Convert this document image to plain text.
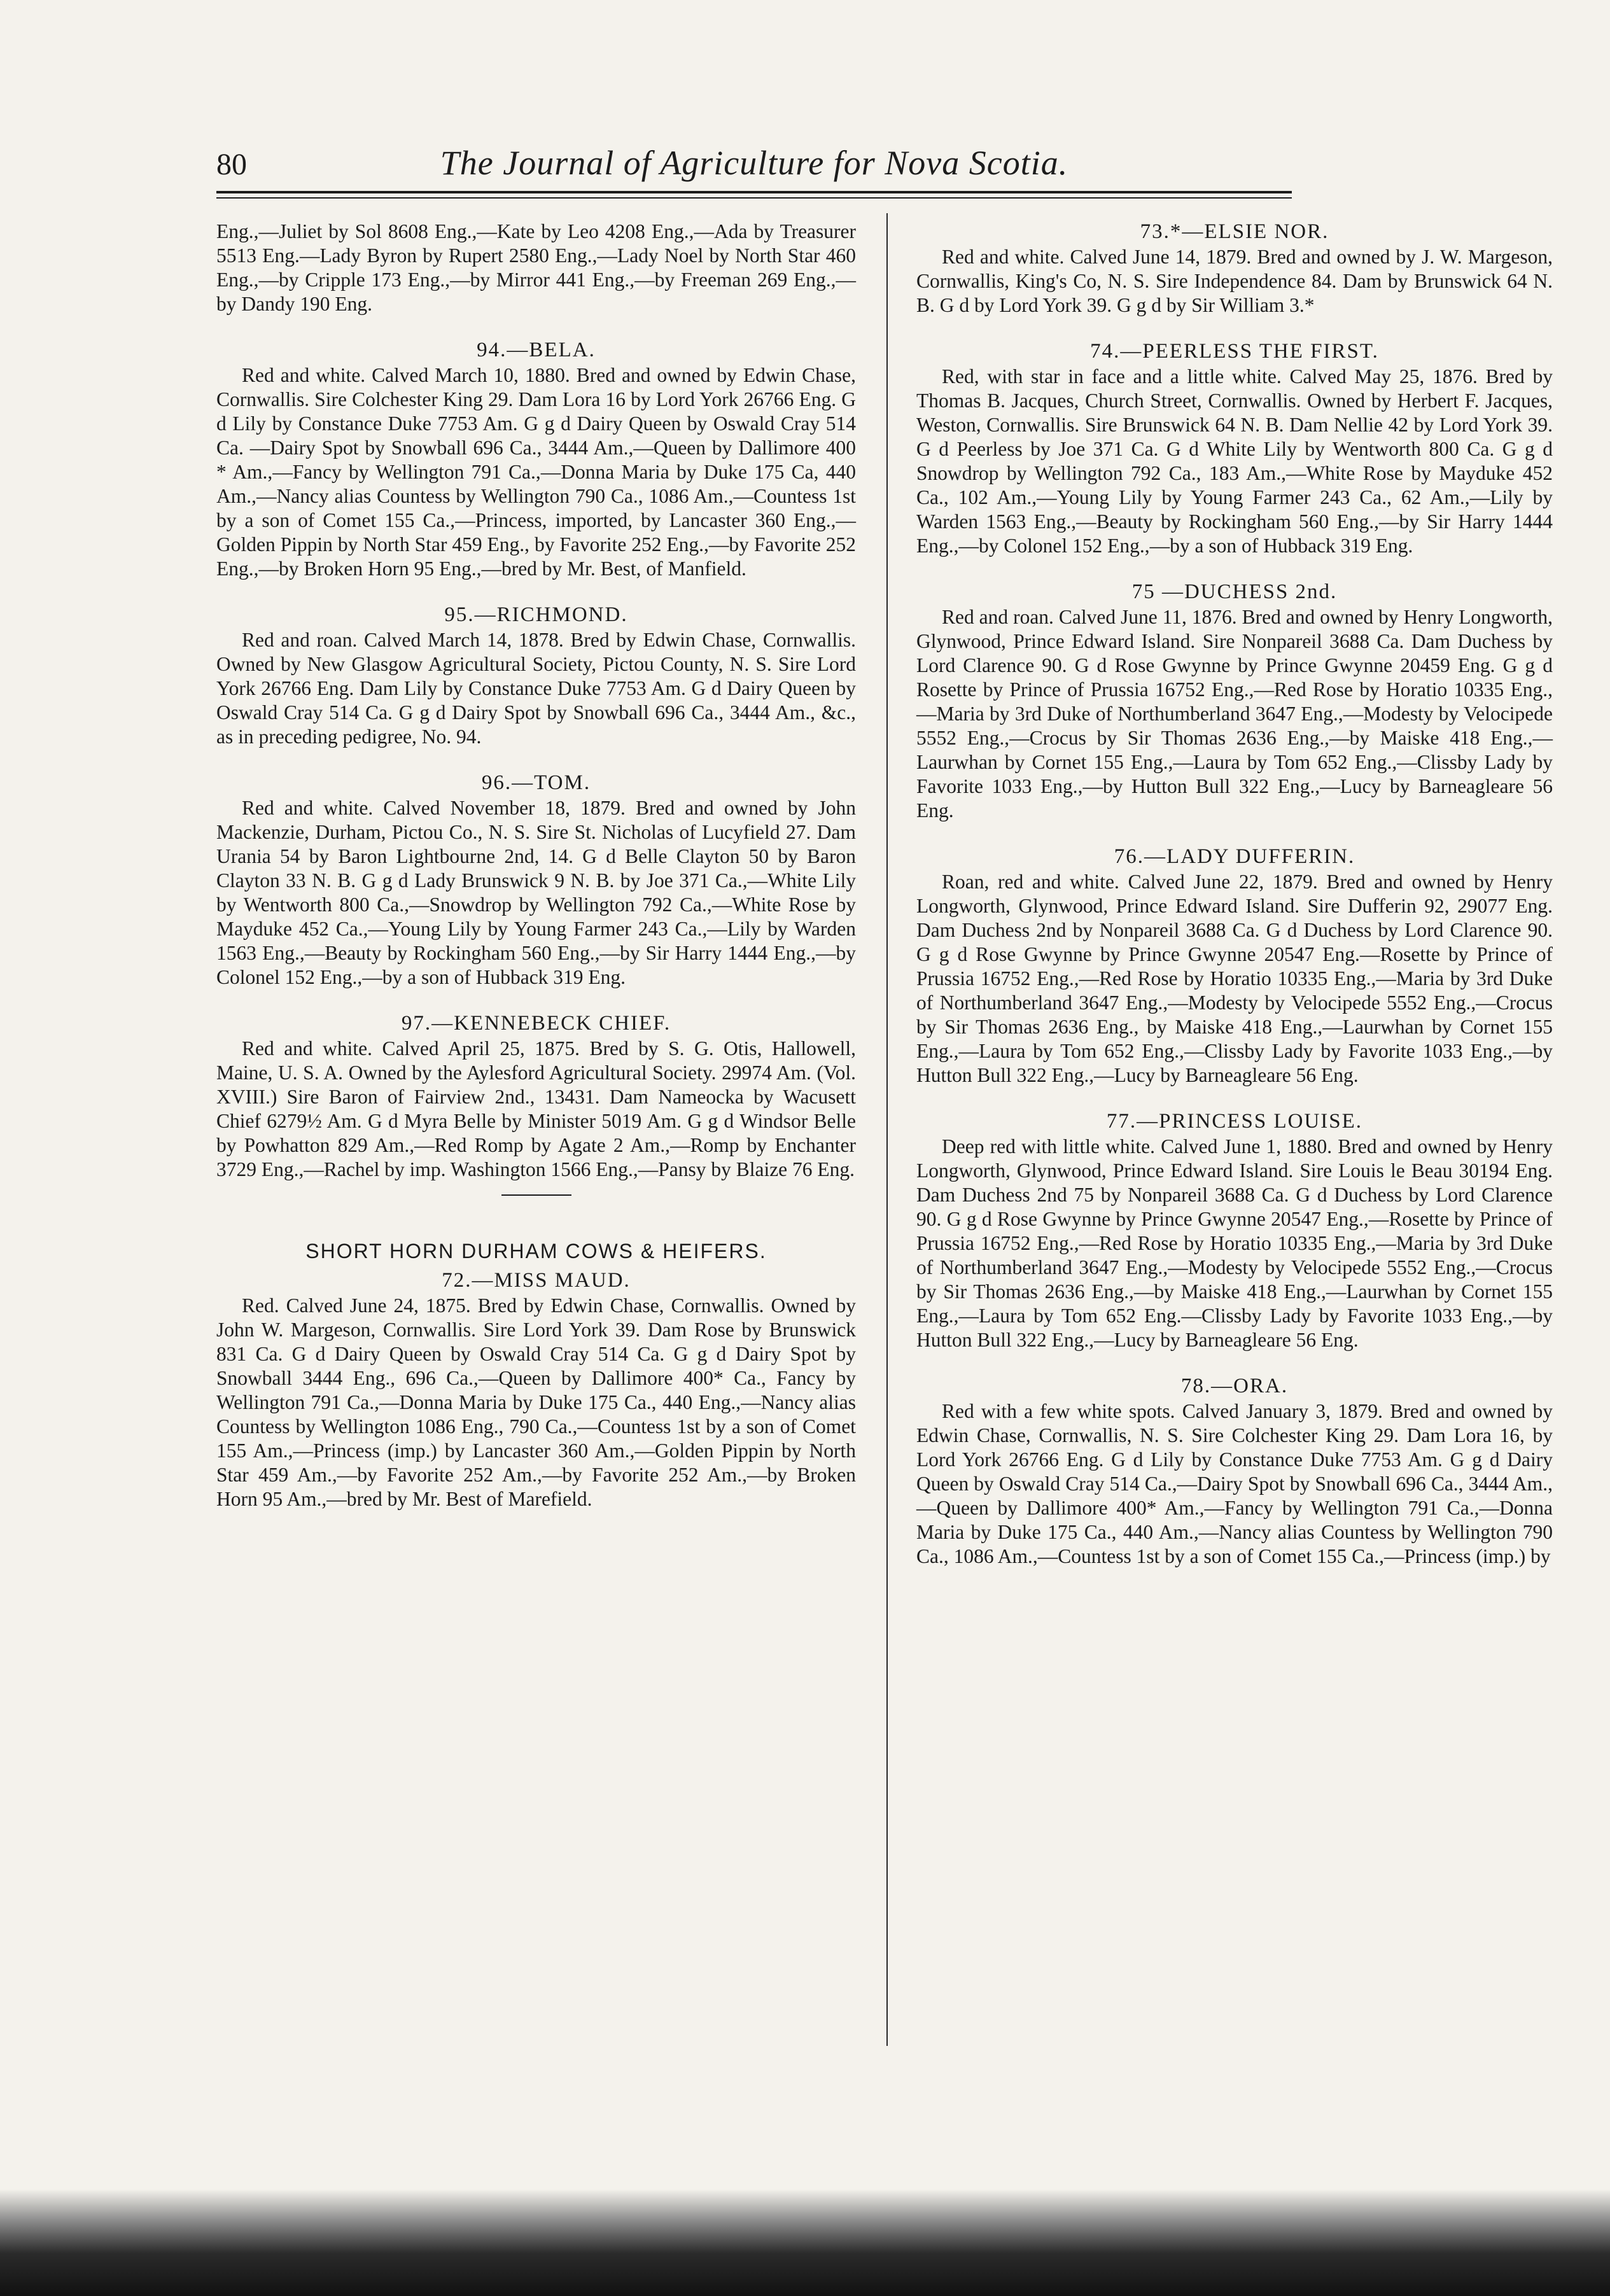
80	The Journal of Agriculture for Nova Scotia.

Eng.,—Juliet by Sol 8608 Eng.,—Kate by Leo 4208 Eng.,—Ada by Treasurer 5513 Eng.—Lady Byron by Rupert 2580 Eng.,—Lady Noel by North Star 460 Eng.,—by Cripple 173 Eng.,—by Mirror 441 Eng.,—by Freeman 269 Eng.,—by Dandy 190 Eng.

94.—BELA.

Red and white. Calved March 10, 1880. Bred and owned by Edwin Chase, Cornwallis. Sire Colchester King 29. Dam Lora 16 by Lord York 26766 Eng. G d Lily by Constance Duke 7753 Am. G g d Dairy Queen by Oswald Cray 514 Ca. —Dairy Spot by Snowball 696 Ca., 3444 Am.,—Queen by Dallimore 400 * Am.,—Fancy by Wellington 791 Ca.,—Donna Maria by Duke 175 Ca, 440 Am.,—Nancy alias Countess by Wellington 790 Ca., 1086 Am.,—Countess 1st by a son of Comet 155 Ca.,—Princess, imported, by Lancaster 360 Eng.,—Golden Pippin by North Star 459 Eng., by Favorite 252 Eng.,—by Favorite 252 Eng.,—by Broken Horn 95 Eng.,—bred by Mr. Best, of Manfield.

95.—RICHMOND.

Red and roan. Calved March 14, 1878. Bred by Edwin Chase, Cornwallis. Owned by New Glasgow Agricultural Society, Pictou County, N. S. Sire Lord York 26766 Eng. Dam Lily by Constance Duke 7753 Am. G d Dairy Queen by Oswald Cray 514 Ca. G g d Dairy Spot by Snowball 696 Ca., 3444 Am., &c., as in preceding pedigree, No. 94.

96.—TOM.

Red and white. Calved November 18, 1879. Bred and owned by John Mackenzie, Durham, Pictou Co., N. S. Sire St. Nicholas of Lucyfield 27. Dam Urania 54 by Baron Lightbourne 2nd, 14. G d Belle Clayton 50 by Baron Clayton 33 N. B. G g d Lady Brunswick 9 N. B. by Joe 371 Ca.,—White Lily by Wentworth 800 Ca.,—Snowdrop by Wellington 792 Ca.,—White Rose by Mayduke 452 Ca.,—Young Lily by Young Farmer 243 Ca.,—Lily by Warden 1563 Eng.,—Beauty by Rockingham 560 Eng.,—by Sir Harry 1444 Eng.,—by Colonel 152 Eng.,—by a son of Hubback 319 Eng.

97.—KENNEBECK CHIEF.

Red and white. Calved April 25, 1875. Bred by S. G. Otis, Hallowell, Maine, U. S. A. Owned by the Aylesford Agricultural Society. 29974 Am. (Vol. XVIII.) Sire Baron of Fairview 2nd., 13431. Dam Nameocka by Wacusett Chief 6279½ Am. G d Myra Belle by Minister 5019 Am. G g d Windsor Belle by Powhatton 829 Am.,—Red Romp by Agate 2 Am.,—Romp by Enchanter 3729 Eng.,—Rachel by imp. Washington 1566 Eng.,—Pansy by Blaize 76 Eng.

SHORT HORN DURHAM COWS & HEIFERS.

72.—MISS MAUD.

Red. Calved June 24, 1875. Bred by Edwin Chase, Cornwallis. Owned by John W. Margeson, Cornwallis. Sire Lord York 39. Dam Rose by Brunswick 831 Ca. G d Dairy Queen by Oswald Cray 514 Ca. G g d Dairy Spot by Snowball 3444 Eng., 696 Ca.,—Queen by Dallimore 400* Ca., Fancy by Wellington 791 Ca.,—Donna Maria by Duke 175 Ca., 440 Eng.,—Nancy alias Countess by Wellington 1086 Eng., 790 Ca.,—Countess 1st by a son of Comet 155 Am.,—Princess (imp.) by Lancaster 360 Am.,—Golden Pippin by North Star 459 Am.,—by Favorite 252 Am.,—by Favorite 252 Am.,—by Broken Horn 95 Am.,—bred by Mr. Best of Marefield.

73.*—ELSIE NOR.

Red and white. Calved June 14, 1879. Bred and owned by J. W. Margeson, Cornwallis, King's Co, N. S. Sire Independence 84. Dam by Brunswick 64 N. B. G d by Lord York 39. G g d by Sir William 3.*

74.—PEERLESS THE FIRST.

Red, with star in face and a little white. Calved May 25, 1876. Bred by Thomas B. Jacques, Church Street, Cornwallis. Owned by Herbert F. Jacques, Weston, Cornwallis. Sire Brunswick 64 N. B. Dam Nellie 42 by Lord York 39. G d Peerless by Joe 371 Ca. G d White Lily by Wentworth 800 Ca. G g d Snowdrop by Wellington 792 Ca., 183 Am.,—White Rose by Mayduke 452 Ca., 102 Am.,—Young Lily by Young Farmer 243 Ca., 62 Am.,—Lily by Warden 1563 Eng.,—Beauty by Rockingham 560 Eng.,—by Sir Harry 1444 Eng.,—by Colonel 152 Eng.,—by a son of Hubback 319 Eng.

75 —DUCHESS 2nd.

Red and roan. Calved June 11, 1876. Bred and owned by Henry Longworth, Glynwood, Prince Edward Island. Sire Nonpareil 3688 Ca. Dam Duchess by Lord Clarence 90. G d Rose Gwynne by Prince Gwynne 20459 Eng. G g d Rosette by Prince of Prussia 16752 Eng.,—Red Rose by Horatio 10335 Eng.,—Maria by 3rd Duke of Northumberland 3647 Eng.,—Modesty by Velocipede 5552 Eng.,—Crocus by Sir Thomas 2636 Eng.,—by Maiske 418 Eng.,—Laurwhan by Cornet 155 Eng.,—Laura by Tom 652 Eng.,—Clissby Lady by Favorite 1033 Eng.,—by Hutton Bull 322 Eng.,—Lucy by Barneagleare 56 Eng.

76.—LADY DUFFERIN.

Roan, red and white. Calved June 22, 1879. Bred and owned by Henry Longworth, Glynwood, Prince Edward Island. Sire Dufferin 92, 29077 Eng. Dam Duchess 2nd by Nonpareil 3688 Ca. G d Duchess by Lord Clarence 90. G g d Rose Gwynne by Prince Gwynne 20547 Eng.—Rosette by Prince of Prussia 16752 Eng.,—Red Rose by Horatio 10335 Eng.,—Maria by 3rd Duke of Northumberland 3647 Eng.,—Modesty by Velocipede 5552 Eng.,—Crocus by Sir Thomas 2636 Eng., by Maiske 418 Eng.,—Laurwhan by Cornet 155 Eng.,—Laura by Tom 652 Eng.,—Clissby Lady by Favorite 1033 Eng.,—by Hutton Bull 322 Eng.,—Lucy by Barneagleare 56 Eng.

77.—PRINCESS LOUISE.

Deep red with little white. Calved June 1, 1880. Bred and owned by Henry Longworth, Glynwood, Prince Edward Island. Sire Louis le Beau 30194 Eng. Dam Duchess 2nd 75 by Nonpareil 3688 Ca. G d Duchess by Lord Clarence 90. G g d Rose Gwynne by Prince Gwynne 20547 Eng.,—Rosette by Prince of Prussia 16752 Eng.,—Red Rose by Horatio 10335 Eng.,—Maria by 3rd Duke of Northumberland 3647 Eng.,—Modesty by Velocipede 5552 Eng.,—Crocus by Sir Thomas 2636 Eng.,—by Maiske 418 Eng.,—Laurwhan by Cornet 155 Eng.,—Laura by Tom 652 Eng.—Clissby Lady by Favorite 1033 Eng.,—by Hutton Bull 322 Eng.,—Lucy by Barneagleare 56 Eng.

78.—ORA.

Red with a few white spots. Calved January 3, 1879. Bred and owned by Edwin Chase, Cornwallis, N. S. Sire Colchester King 29. Dam Lora 16, by Lord York 26766 Eng. G d Lily by Constance Duke 7753 Am. G g d Dairy Queen by Oswald Cray 514 Ca.,—Dairy Spot by Snowball 696 Ca., 3444 Am.,—Queen by Dallimore 400* Am.,—Fancy by Wellington 791 Ca.,—Donna Maria by Duke 175 Ca., 440 Am.,—Nancy alias Countess by Wellington 790 Ca., 1086 Am.,—Countess 1st by a son of Comet 155 Ca.,—Princess (imp.) by
